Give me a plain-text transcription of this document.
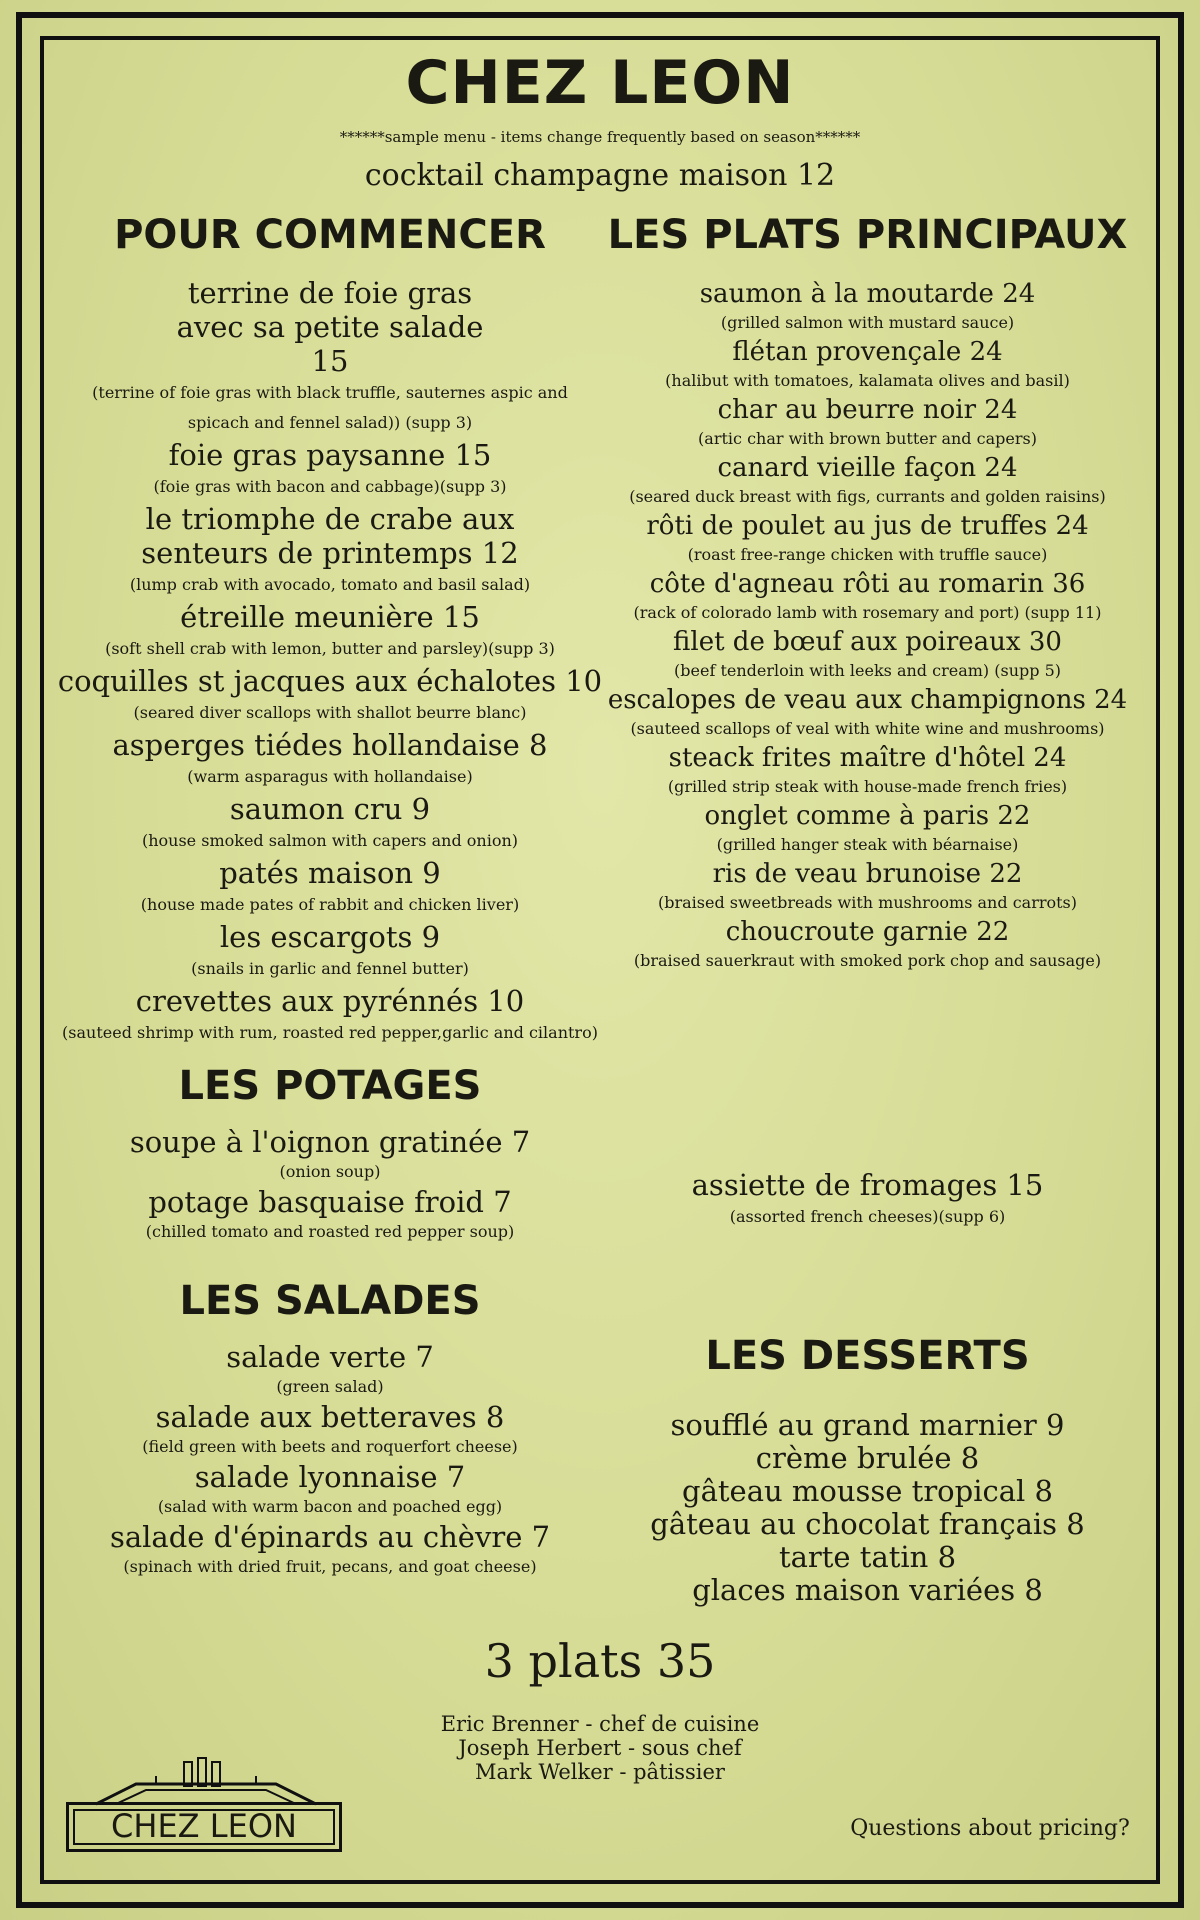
CHEZ LEON
******sample menu - items change frequently based on season******
cocktail champagne maison 12
POUR COMMENCER
terrine de foie gras avec sa petite salade 15
(terrine of foie gras with black truffle, sauternes aspic and spicach and fennel salad)) (supp 3)
foie gras paysanne 15
(foie gras with bacon and cabbage)(supp 3)
le triomphe de crabe aux senteurs de printemps 12
(lump crab with avocado, tomato and basil salad)
étreille meunière 15
(soft shell crab with lemon, butter and parsley)(supp 3)
coquilles st jacques aux échalotes 10
(seared diver scallops with shallot beurre blanc)
asperges tiédes hollandaise 8
(warm asparagus with hollandaise)
saumon cru 9
(house smoked salmon with capers and onion)
patés maison 9
(house made pates of rabbit and chicken liver)
les escargots 9
(snails in garlic and fennel butter)
crevettes aux pyrénnés 10
(sauteed shrimp with rum, roasted red pepper,garlic and cilantro)
LES PLATS PRINCIPAUX
saumon à la moutarde 24
(grilled salmon with mustard sauce)
flétan provençale 24
(halibut with tomatoes, kalamata olives and basil)
char au beurre noir 24
(artic char with brown butter and capers)
canard vieille façon 24
(seared duck breast with figs, currants and golden raisins)
rôti de poulet au jus de truffes 24
(roast free-range chicken with truffle sauce)
côte d'agneau rôti au romarin 36
(rack of colorado lamb with rosemary and port) (supp 11)
filet de bœuf aux poireaux 30
(beef tenderloin with leeks and cream) (supp 5)
escalopes de veau aux champignons 24
(sauteed scallops of veal with white wine and mushrooms)
steack frites maître d'hôtel 24
(grilled strip steak with house-made french fries)
onglet comme à paris 22
(grilled hanger steak with béarnaise)
ris de veau brunoise 22
(braised sweetbreads with mushrooms and carrots)
choucroute garnie 22
(braised sauerkraut with smoked pork chop and sausage)
LES POTAGES
soupe à l'oignon gratinée 7
(onion soup)
potage basquaise froid 7
(chilled tomato and roasted red pepper soup)
LES SALADES
salade verte 7
(green salad)
salade aux betteraves 8
(field green with beets and roquerfort cheese)
salade lyonnaise 7
(salad with warm bacon and poached egg)
salade d'épinards au chèvre 7
(spinach with dried fruit, pecans, and goat cheese)
assiette de fromages 15
(assorted french cheeses)(supp 6)
LES DESSERTS
soufflé au grand marnier 9
crème brulée 8
gâteau mousse tropical 8
gâteau au chocolat français 8
tarte tatin 8
glaces maison variées 8
3 plats 35
Eric Brenner - chef de cuisine
Joseph Herbert - sous chef
Mark Welker - pâtissier
CHEZ LEON	Questions about pricing?
